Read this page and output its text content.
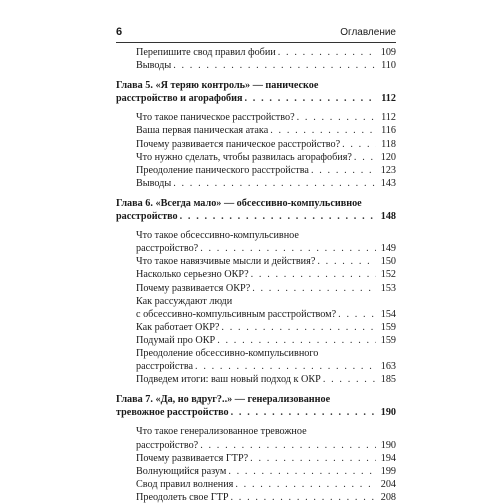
6	Оглавление
Перепишите свод правил фобии . . .	109
Выводы . . .	110
Глава 5. «Я теряю контроль» — паническое
расстройство и агорафобия . . .	112
Что такое паническое расстройство? . . .	112
Ваша первая паническая атака . . .	116
Почему развивается паническое расстройство? . . .	118
Что нужно сделать, чтобы развилась агорафобия? . . .	120
Преодоление панического расстройства . . .	123
Выводы . . .	143
Глава 6. «Всегда мало» — обсессивно-компульсивное
расстройство . . .	148
Что такое обсессивно-компульсивное
расстройство? . . .	149
Что такое навязчивые мысли и действия? . . .	150
Насколько серьезно ОКР? . . .	152
Почему развивается ОКР? . . .	153
Как рассуждают люди
с обсессивно-компульсивным расстройством? . . .	154
Как работает ОКР? . . .	159
Подумай про ОКР . . .	159
Преодоление обсессивно-компульсивного
расстройства . . .	163
Подведем итоги: ваш новый подход к ОКР . . .	185
Глава 7. «Да, но вдруг?..» — генерализованное
тревожное расстройство . . .	190
Что такое генерализованное тревожное
расстройство? . . .	190
Почему развивается ГТР? . . .	194
Волнующийся разум . . .	199
Свод правил волнения . . .	204
Преодолеть свое ГТР . . .	208
